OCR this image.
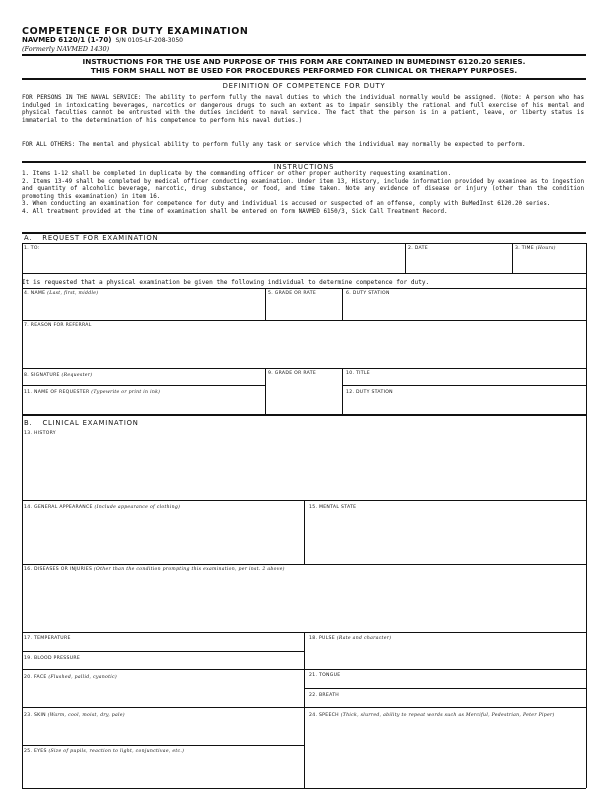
COMPETENCE FOR DUTY EXAMINATION
NAVMED 6120/1 (1-70) S/N 0105-LF-208-3050
(Formerly NAVMED 1430)
INSTRUCTIONS FOR THE USE AND PURPOSE OF THIS FORM ARE CONTAINED IN BUMEDINST 6120.20 SERIES.
THIS FORM SHALL NOT BE USED FOR PROCEDURES PERFORMED FOR CLINICAL OR THERAPY PURPOSES.
DEFINITION OF COMPETENCE FOR DUTY
FOR PERSONS IN THE NAVAL SERVICE: The ability to perform fully the naval duties to which the individual normally would be assigned. (Note: A person who has indulged in intoxicating beverages, narcotics or dangerous drugs to such an extent as to impair sensibly the rational and full exercise of his mental and physical faculties cannot be entrusted with the duties incident to naval service. The fact that the person is in a patient, leave, or liberty status is immaterial to the determination of his competence to perform his naval duties.)
FOR ALL OTHERS: The mental and physical ability to perform fully any task or service which the individual may normally be expected to perform.
INSTRUCTIONS
1. Items 1-12 shall be completed in duplicate by the commanding officer or other proper authority requesting examination.
2. Items 13-49 shall be completed by medical officer conducting examination. Under item 13, History, include information provided by examinee as to ingestion and quantity of alcoholic beverage, narcotic, drug substance, or food, and time taken. Note any evidence of disease or injury (other than the condition promoting this examination) in item 16.
3. When conducting an examination for competence for duty and individual is accused or suspected of an offense, comply with BuMedInst 6120.20 series.
4. All treatment provided at the time of examination shall be entered on form NAVMED 6150/3, Sick Call Treatment Record.
A. REQUEST FOR EXAMINATION
1. TO:	2. DATE	3. TIME (Hours)
It is requested that a physical examination be given the following individual to determine competence for duty.
4. NAME (Last, first, middle)	5. GRADE OR RATE	6. DUTY STATION
7. REASON FOR REFERRAL
8. SIGNATURE (Requester)	9. GRADE OR RATE	10. TITLE
11. NAME OF REQUESTER (Typewrite or print in ink)	12. DUTY STATION
B. CLINICAL EXAMINATION
13. HISTORY
14. GENERAL APPEARANCE (Include appearance of clothing)	15. MENTAL STATE
16. DISEASES OR INJURIES (Other than the condition prompting this examination, per inst. 2 above)
17. TEMPERATURE	18. PULSE (Rate and character)
19. BLOOD PRESSURE
20. FACE (Flushed, pallid, cyanotic)	21. TONGUE
22. BREATH
23. SKIN (Warm, cool, moist, dry, pale)	24. SPEECH (Thick, slurred, ability to repeat words such as Merciful, Pedestrian, Peter Piper)
25. EYES (Size of pupils, reaction to light, conjunctivae, etc.)
